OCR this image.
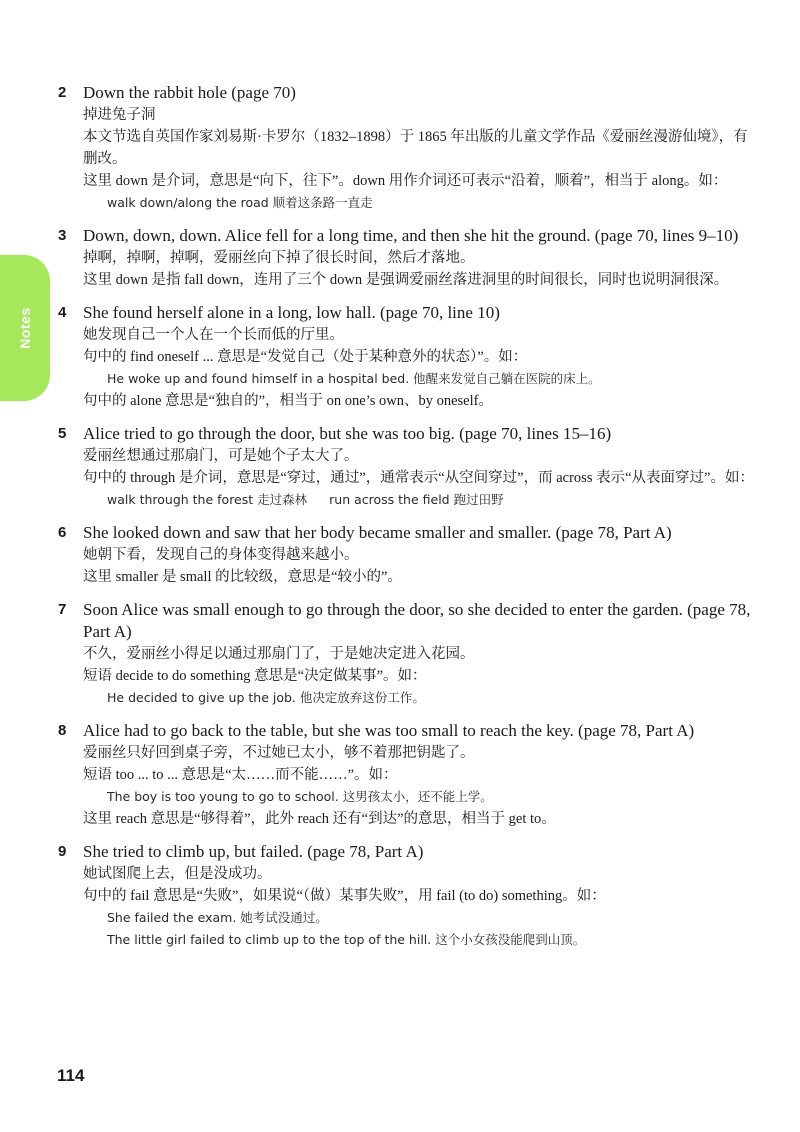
Notes
2 Down the rabbit hole (page 70)
掉进兔子洞
本文节选自英国作家刘易斯·卡罗尔（1832–1898）于 1865 年出版的儿童文学作品《爱丽丝漫游仙境》，有删改。
这里 down 是介词，意思是“向下，往下”。down 用作介词还可表示“沿着，顺着”，相当于 along。如：
walk down/along the road 顺着这条路一直走
3 Down, down, down. Alice fell for a long time, and then she hit the ground. (page 70, lines 9–10)
掉啊，掉啊，掉啊，爱丽丝向下掉了很长时间，然后才落地。
这里 down 是指 fall down，连用了三个 down 是强调爱丽丝落进洞里的时间很长，同时也说明洞很深。
4 She found herself alone in a long, low hall. (page 70, line 10)
她发现自己一个人在一个长而低的厅里。
句中的 find oneself ... 意思是“发觉自己（处于某种意外的状态）”。如：
He woke up and found himself in a hospital bed. 他醒来发觉自己躺在医院的床上。
句中的 alone 意思是“独自的”，相当于 on one’s own、by oneself。
5 Alice tried to go through the door, but she was too big. (page 70, lines 15–16)
爱丽丝想通过那扇门，可是她个子太大了。
句中的 through 是介词，意思是“穿过，通过”，通常表示“从空间穿过”，而 across 表示“从表面穿过”。如：
walk through the forest 走过森林 run across the field 跑过田野
6 She looked down and saw that her body became smaller and smaller. (page 78, Part A)
她朝下看，发现自己的身体变得越来越小。
这里 smaller 是 small 的比较级，意思是“较小的”。
7 Soon Alice was small enough to go through the door, so she decided to enter the garden. (page 78, Part A)
不久，爱丽丝小得足以通过那扇门了，于是她决定进入花园。
短语 decide to do something 意思是“决定做某事”。如：
He decided to give up the job. 他决定放弃这份工作。
8 Alice had to go back to the table, but she was too small to reach the key. (page 78, Part A)
爱丽丝只好回到桌子旁，不过她已太小，够不着那把钥匙了。
短语 too ... to ... 意思是“太……而不能……”。如：
The boy is too young to go to school. 这男孩太小，还不能上学。
这里 reach 意思是“够得着”，此外 reach 还有“到达”的意思，相当于 get to。
9 She tried to climb up, but failed. (page 78, Part A)
她试图爬上去，但是没成功。
句中的 fail 意思是“失败”，如果说“（做）某事失败”，用 fail (to do) something。如：
She failed the exam. 她考试没通过。
The little girl failed to climb up to the top of the hill. 这个小女孩没能爬到山顶。
114
